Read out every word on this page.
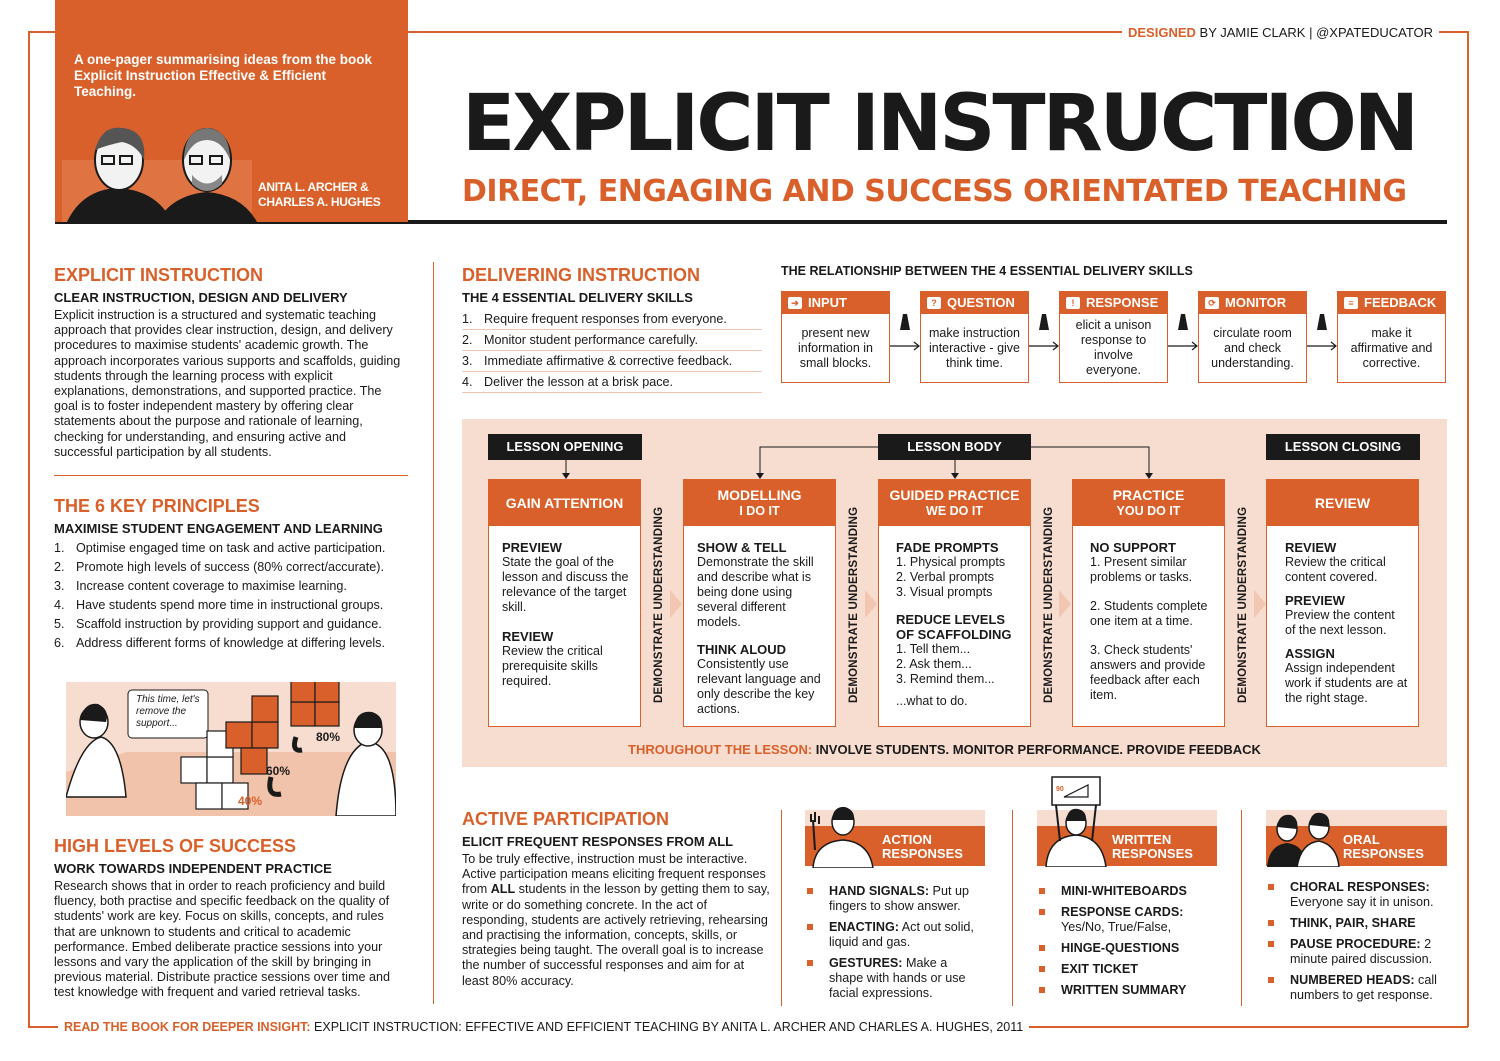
A one-pager summarising ideas from the book Explicit Instruction Effective & Efficient Teaching.
ANITA L. ARCHER & CHARLES A. HUGHES
EXPLICIT INSTRUCTION
DIRECT, ENGAGING AND SUCCESS ORIENTATED TEACHING
DESIGNED BY JAMIE CLARK | @XPATEDUCATOR
EXPLICIT INSTRUCTION
CLEAR INSTRUCTION, DESIGN AND DELIVERY
Explicit instruction is a structured and systematic teaching approach that provides clear instruction, design, and delivery procedures to maximise students' academic growth. The approach incorporates various supports and scaffolds, guiding students through the learning process with explicit explanations, demonstrations, and supported practice. The goal is to foster independent mastery by offering clear statements about the purpose and rationale of learning, checking for understanding, and ensuring active and successful participation by all students.
THE 6 KEY PRINCIPLES
MAXIMISE STUDENT ENGAGEMENT AND LEARNING
1. Optimise engaged time on task and active participation.
2. Promote high levels of success (80% correct/accurate).
3. Increase content coverage to maximise learning.
4. Have students spend more time in instructional groups.
5. Scaffold instruction by providing support and guidance.
6. Address different forms of knowledge at differing levels.
This time, let's remove the support...
80%
60%
40%
HIGH LEVELS OF SUCCESS
WORK TOWARDS INDEPENDENT PRACTICE
Research shows that in order to reach proficiency and build fluency, both practise and specific feedback on the quality of students' work are key. Focus on skills, concepts, and rules that are unknown to students and critical to academic performance. Embed deliberate practice sessions into your lessons and vary the application of the skill by bringing in previous material. Distribute practice sessions over time and test knowledge with frequent and varied retrieval tasks.
DELIVERING INSTRUCTION
THE 4 ESSENTIAL DELIVERY SKILLS
1. Require frequent responses from everyone.
2. Monitor student performance carefully.
3. Immediate affirmative & corrective feedback.
4. Deliver the lesson at a brisk pace.
THE RELATIONSHIP BETWEEN THE 4 ESSENTIAL DELIVERY SKILLS
➔ INPUT
present new information in small blocks.
? QUESTION
make instruction interactive - give think time.
! RESPONSE
elicit a unison response to involve everyone.
⟳ MONITOR
circulate room and check understanding.
≡ FEEDBACK
make it affirmative and corrective.
LESSON OPENING	LESSON BODY	LESSON CLOSING
GAIN ATTENTION
PREVIEW
State the goal of the lesson and discuss the relevance of the target skill.
REVIEW
Review the critical prerequisite skills required.
MODELLING
I DO IT
SHOW & TELL
Demonstrate the skill and describe what is being done using several different models.
THINK ALOUD
Consistently use relevant language and only describe the key actions.
GUIDED PRACTICE
WE DO IT
FADE PROMPTS
1. Physical prompts
2. Verbal prompts
3. Visual prompts
REDUCE LEVELS OF SCAFFOLDING
1. Tell them...
2. Ask them...
3. Remind them...
...what to do.
PRACTICE
YOU DO IT
NO SUPPORT
1. Present similar problems or tasks.
2. Students complete one item at a time.
3. Check students' answers and provide feedback after each item.
REVIEW
REVIEW
Review the critical content covered.
PREVIEW
Preview the content of the next lesson.
ASSIGN
Assign independent work if students are at the right stage.
DEMONSTRATE UNDERSTANDING	DEMONSTRATE UNDERSTANDING	DEMONSTRATE UNDERSTANDING	DEMONSTRATE UNDERSTANDING
THROUGHOUT THE LESSON: INVOLVE STUDENTS. MONITOR PERFORMANCE. PROVIDE FEEDBACK
ACTIVE PARTICIPATION
ELICIT FREQUENT RESPONSES FROM ALL
To be truly effective, instruction must be interactive. Active participation means eliciting frequent responses from ALL students in the lesson by getting them to say, write or do something concrete. In the act of responding, students are actively retrieving, rehearsing and practising the information, concepts, skills, or strategies being taught. The overall goal is to increase the number of successful responses and aim for at least 80% accuracy.
ACTION
RESPONSES
HAND SIGNALS: Put up fingers to show answer.
ENACTING: Act out solid, liquid and gas.
GESTURES: Make a shape with hands or use facial expressions.
WRITTEN
RESPONSES
90
MINI-WHITEBOARDS
RESPONSE CARDS: Yes/No, True/False,
HINGE-QUESTIONS
EXIT TICKET
WRITTEN SUMMARY
ORAL
RESPONSES
CHORAL RESPONSES: Everyone say it in unison.
THINK, PAIR, SHARE
PAUSE PROCEDURE: 2 minute paired discussion.
NUMBERED HEADS: call numbers to get response.
READ THE BOOK FOR DEEPER INSIGHT: EXPLICIT INSTRUCTION: EFFECTIVE AND EFFICIENT TEACHING BY ANITA L. ARCHER AND CHARLES A. HUGHES, 2011
